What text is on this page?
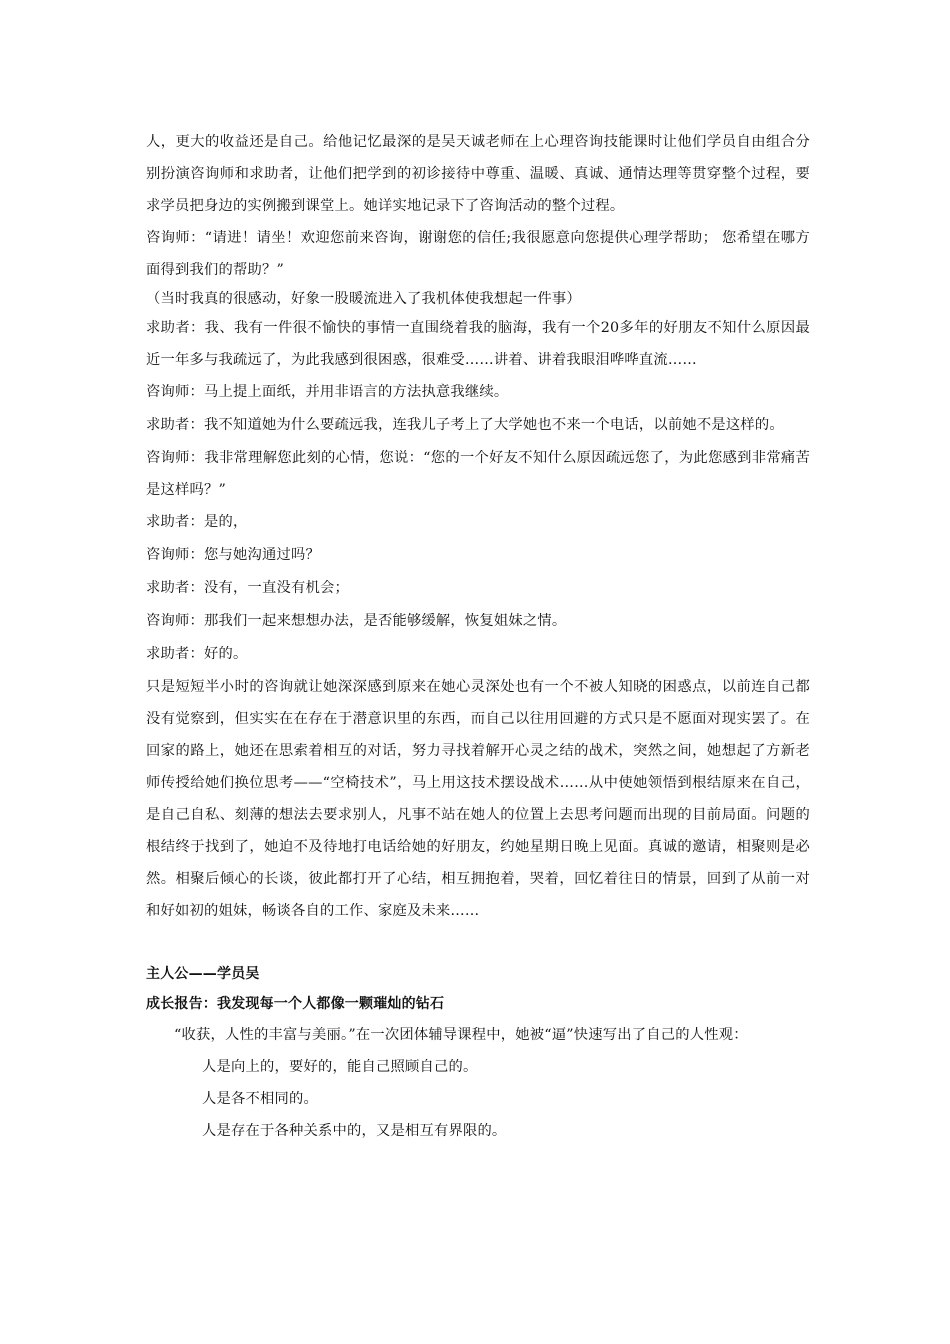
人，更大的收益还是自己。给他记忆最深的是吴天诚老师在上心理咨询技能课时让他们学员自由组合分别扮演咨询师和求助者，让他们把学到的初诊接待中尊重、温暖、真诚、通情达理等贯穿整个过程，要求学员把身边的实例搬到课堂上。她详实地记录下了咨询活动的整个过程。

咨询师：“请进！请坐！欢迎您前来咨询，谢谢您的信任;我很愿意向您提供心理学帮助； 您希望在哪方面得到我们的帮助？”

（当时我真的很感动，好象一股暖流进入了我机体使我想起一件事）

求助者：我、我有一件很不愉快的事情一直围绕着我的脑海，我有一个20多年的好朋友不知什么原因最近一年多与我疏远了，为此我感到很困惑，很难受……讲着、讲着我眼泪哗哗直流……

咨询师：马上提上面纸，并用非语言的方法执意我继续。

求助者：我不知道她为什么要疏远我，连我儿子考上了大学她也不来一个电话，以前她不是这样的。

咨询师：我非常理解您此刻的心情，您说：“您的一个好友不知什么原因疏远您了，为此您感到非常痛苦是这样吗？”

求助者：是的，

咨询师：您与她沟通过吗？

求助者：没有，一直没有机会；

咨询师：那我们一起来想想办法，是否能够缓解，恢复姐妹之情。

求助者：好的。

只是短短半小时的咨询就让她深深感到原来在她心灵深处也有一个不被人知晓的困惑点，以前连自己都没有觉察到，但实实在在存在于潜意识里的东西，而自己以往用回避的方式只是不愿面对现实罢了。在回家的路上，她还在思索着相互的对话，努力寻找着解开心灵之结的战术，突然之间，她想起了方新老师传授给她们换位思考——“空椅技术”，马上用这技术摆设战术……从中使她领悟到根结原来在自己，是自己自私、刻薄的想法去要求别人，凡事不站在她人的位置上去思考问题而出现的目前局面。问题的根结终于找到了，她迫不及待地打电话给她的好朋友，约她星期日晚上见面。真诚的邀请，相聚则是必然。相聚后倾心的长谈，彼此都打开了心结，相互拥抱着，哭着，回忆着往日的情景，回到了从前一对和好如初的姐妹，畅谈各自的工作、家庭及未来……

主人公——学员吴

成长报告：我发现每一个人都像一颗璀灿的钻石

“收获，人性的丰富与美丽。”在一次团体辅导课程中，她被“逼”快速写出了自己的人性观：

人是向上的，要好的，能自己照顾自己的。

人是各不相同的。

人是存在于各种关系中的，又是相互有界限的。
